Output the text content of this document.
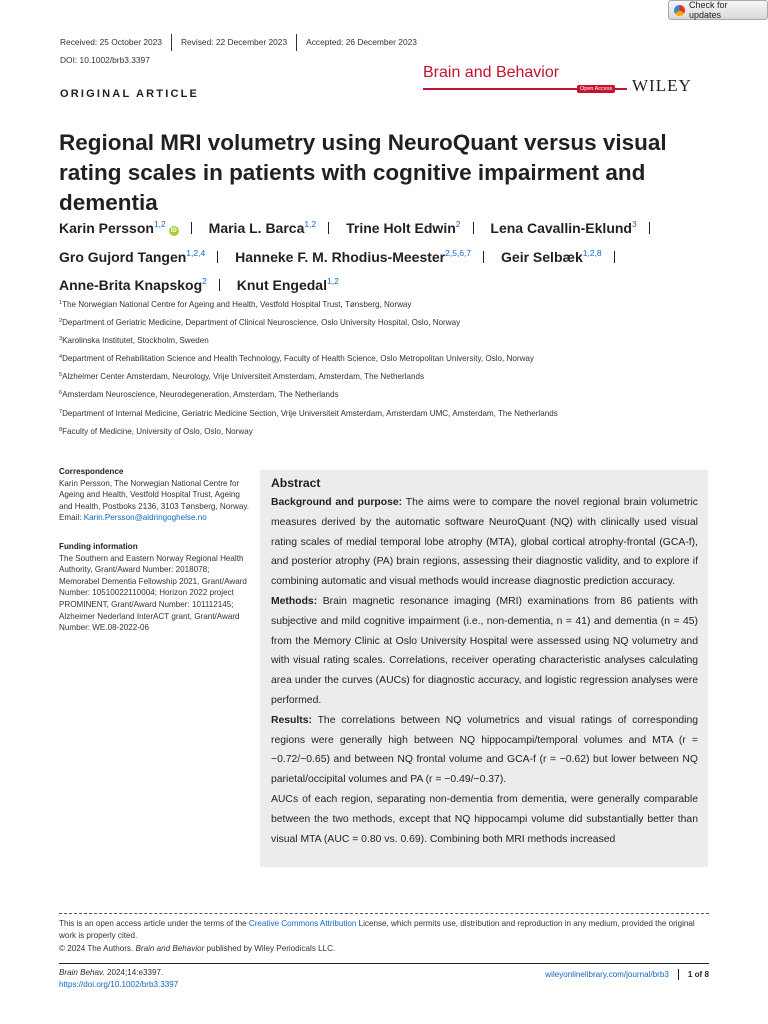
Check for updates
Received: 25 October 2023	Revised: 22 December 2023	Accepted: 26 December 2023
DOI: 10.1002/brb3.3397
Brain and Behavior
Open Access WILEY
ORIGINAL ARTICLE
Regional MRI volumetry using NeuroQuant versus visual rating scales in patients with cognitive impairment and dementia
Karin Persson$^{1,2}$iD Maria L. Barca$^{1,2}$ Trine Holt Edwin$^2$ Lena Cavallin-Eklund$^3$
Gro Gujord Tangen$^{1,2,4}$ Hanneke F. M. Rhodius-Meester$^{2,5,6,7}$ Geir Selbæk$^{1,2,8}$
Anne-Brita Knapskog$^2$ Knut Engedal$^{1,2}$
$^1$The Norwegian National Centre for Ageing and Health, Vestfold Hospital Trust, Tønsberg, Norway
$^2$Department of Geriatric Medicine, Department of Clinical Neuroscience, Oslo University Hospital, Oslo, Norway
$^3$Karolinska Institutet, Stockholm, Sweden
$^4$Department of Rehabilitation Science and Health Technology, Faculty of Health Science, Oslo Metropolitan University, Oslo, Norway
$^5$Alzheimer Center Amsterdam, Neurology, Vrije Universiteit Amsterdam, Amsterdam, The Netherlands
$^6$Amsterdam Neuroscience, Neurodegeneration, Amsterdam, The Netherlands
$^7$Department of Internal Medicine, Geriatric Medicine Section, Vrije Universiteit Amsterdam, Amsterdam UMC, Amsterdam, The Netherlands
$^8$Faculty of Medicine, University of Oslo, Oslo, Norway
Correspondence

Karin Persson, The Norwegian National Centre for Ageing and Health, Vestfold Hospital Trust, Ageing and Health, Postboks 2136, 3103 Tønsberg, Norway. Email: Karin.Persson@aldringoghelse.no

Funding information

The Southern and Eastern Norway Regional Health Authority, Grant/Award Number: 2018078; Memorabel Dementia Fellowship 2021, Grant/Award Number: 10510022110004; Horizon 2022 project PROMINENT, Grant/Award Number: 101112145; Alzheimer Nederland InterACT grant, Grant/Award Number: WE.08-2022-06

Abstract

Background and purpose: The aims were to compare the novel regional brain volumetric measures derived by the automatic software NeuroQuant (NQ) with clinically used visual rating scales of medial temporal lobe atrophy (MTA), global cortical atrophy-frontal (GCA-f), and posterior atrophy (PA) brain regions, assessing their diagnostic validity, and to explore if combining automatic and visual methods would increase diagnostic prediction accuracy.

Methods: Brain magnetic resonance imaging (MRI) examinations from 86 patients with subjective and mild cognitive impairment (i.e., non-dementia, n = 41) and dementia (n = 45) from the Memory Clinic at Oslo University Hospital were assessed using NQ volumetry and with visual rating scales. Correlations, receiver operating characteristic analyses calculating area under the curves (AUCs) for diagnostic accuracy, and logistic regression analyses were performed.

Results: The correlations between NQ volumetrics and visual ratings of corresponding regions were generally high between NQ hippocampi/temporal volumes and MTA (r = −0.72/−0.65) and between NQ frontal volume and GCA-f (r = −0.62) but lower between NQ parietal/occipital volumes and PA (r = −0.49/−0.37).

AUCs of each region, separating non-dementia from dementia, were generally comparable between the two methods, except that NQ hippocampi volume did substantially better than visual MTA (AUC = 0.80 vs. 0.69). Combining both MRI methods increased

This is an open access article under the terms of the Creative Commons Attribution License, which permits use, distribution and reproduction in any medium, provided the original work is properly cited.
© 2024 The Authors. Brain and Behavior published by Wiley Periodicals LLC.
Brain Behav. 2024;14:e3397.
https://doi.org/10.1002/brb3.3397
wileyonlinelibrary.com/journal/brb3	1 of 8
